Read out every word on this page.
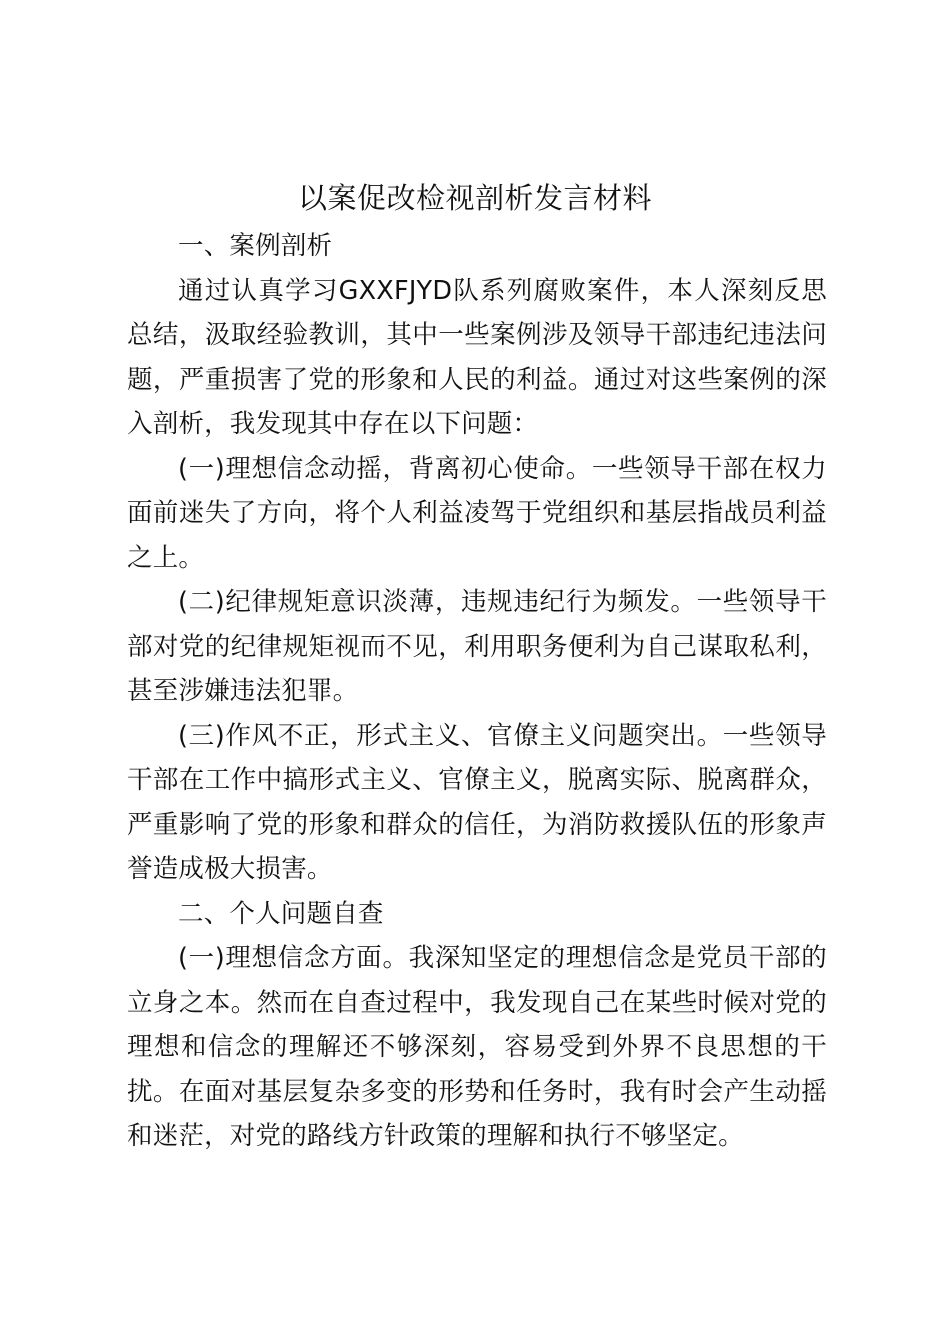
以案促改检视剖析发言材料

一、案例剖析

通过认真学习GXXFJYD队系列腐败案件，本人深刻反思总结，汲取经验教训，其中一些案例涉及领导干部违纪违法问题，严重损害了党的形象和人民的利益。通过对这些案例的深入剖析，我发现其中存在以下问题：

(一)理想信念动摇，背离初心使命。一些领导干部在权力面前迷失了方向，将个人利益凌驾于党组织和基层指战员利益之上。

(二)纪律规矩意识淡薄，违规违纪行为频发。一些领导干部对党的纪律规矩视而不见，利用职务便利为自己谋取私利，甚至涉嫌违法犯罪。

(三)作风不正，形式主义、官僚主义问题突出。一些领导干部在工作中搞形式主义、官僚主义，脱离实际、脱离群众，严重影响了党的形象和群众的信任，为消防救援队伍的形象声誉造成极大损害。

二、个人问题自查

(一)理想信念方面。我深知坚定的理想信念是党员干部的立身之本。然而在自查过程中，我发现自己在某些时候对党的理想和信念的理解还不够深刻，容易受到外界不良思想的干扰。在面对基层复杂多变的形势和任务时，我有时会产生动摇和迷茫，对党的路线方针政策的理解和执行不够坚定。
